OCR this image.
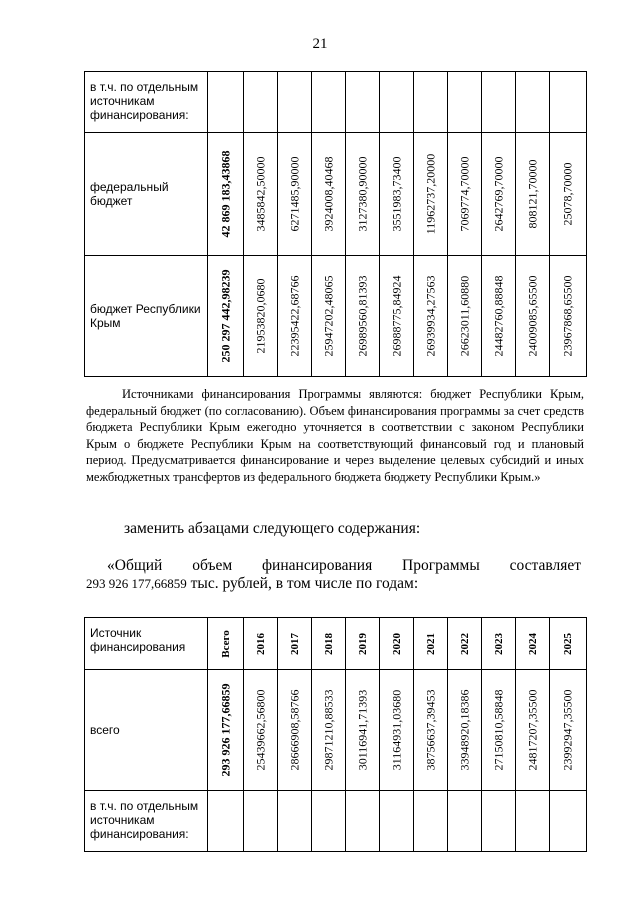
21
в т.ч. по отдельным источникам финансирования:	

федеральный бюджет	42 869 183,43868	3485842,50000	6271485,90000	3924008,40468	3127380,90000	3551983,73400	11962737,20000	7069774,70000	2642769,70000	808121,70000	25078,70000

бюджет Республики Крым	250 297 442,98239	21953820,0680	22395422,68766	25947202,48065	26989560,81393	26988775,84924	26939934,27563	26623011,60880	24482760,88848	24009085,65500	23967868,65500
Источниками финансирования Программы являются: бюджет Республики Крым, федеральный бюджет (по согласованию). Объем финансирования программы за счет средств бюджета Республики Крым ежегодно уточняется в соответствии с законом Республики Крым о бюджете Республики Крым на соответствующий финансовый год и плановый период. Предусматривается финансирование и через выделение целевых субсидий и иных межбюджетных трансфертов из федерального бюджета бюджету Республики Крым.»
заменить абзацами следующего содержания:
«Общий объем финансирования Программы составляет
293 926 177,66859 тыс. рублей, в том числе по годам:
Источник финансирования	Всего	2016	2017	2018	2019	2020	2021	2022	2023	2024	2025

всего	293 926 177,66859	25439662,56800	28666908,58766	29871210,88533	30116941,71393	31164931,03680	38756637,39453	33948920,18386	27150810,58848	24817207,35500	23992947,35500

в т.ч. по отдельным источникам финансирования:	
